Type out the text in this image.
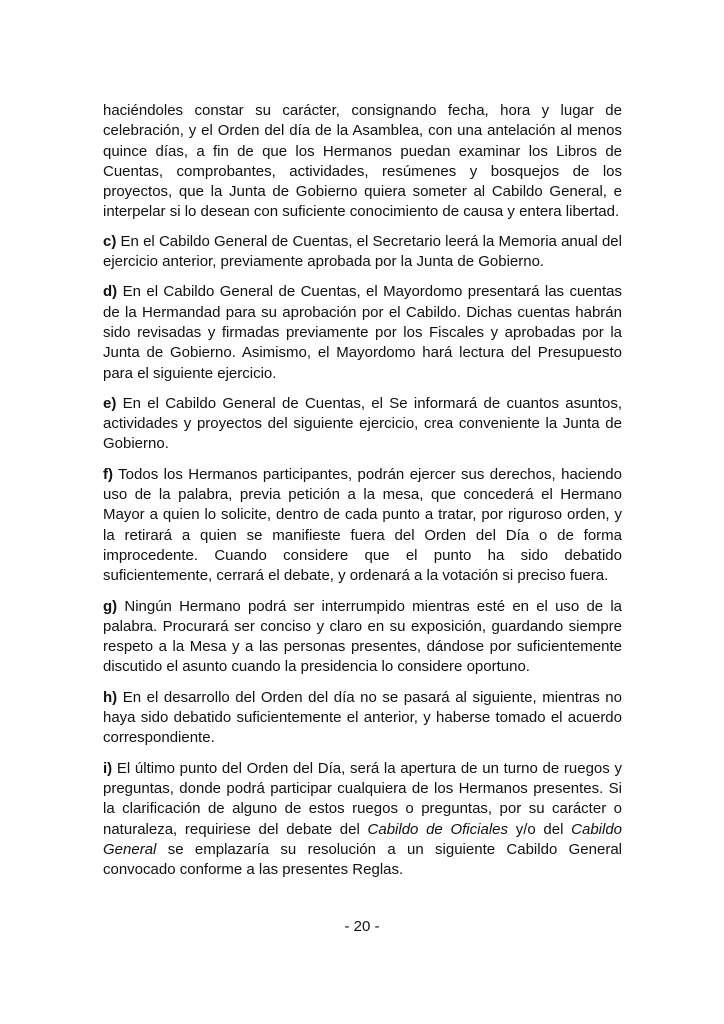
haciéndoles constar su carácter, consignando fecha, hora y lugar de celebración, y el Orden del día de la Asamblea, con una antelación al menos quince días, a fin de que los Hermanos puedan examinar los Libros de Cuentas, comprobantes, actividades, resúmenes y bosquejos de los proyectos, que la Junta de Gobierno quiera someter al Cabildo General, e interpelar si lo desean con suficiente conocimiento de causa y entera libertad.

c) En el Cabildo General de Cuentas, el Secretario leerá la Memoria anual del ejercicio anterior, previamente aprobada por la Junta de Gobierno.

d) En el Cabildo General de Cuentas, el Mayordomo presentará las cuentas de la Hermandad para su aprobación por el Cabildo. Dichas cuentas habrán sido revisadas y firmadas previamente por los Fiscales y aprobadas por la Junta de Gobierno. Asimismo, el Mayordomo hará lectura del Presupuesto para el siguiente ejercicio.

e) En el Cabildo General de Cuentas, el Se informará de cuantos asuntos, actividades y proyectos del siguiente ejercicio, crea conveniente la Junta de Gobierno.

f) Todos los Hermanos participantes, podrán ejercer sus derechos, haciendo uso de la palabra, previa petición a la mesa, que concederá el Hermano Mayor a quien lo solicite, dentro de cada punto a tratar, por riguroso orden, y la retirará a quien se manifieste fuera del Orden del Día o de forma improcedente. Cuando considere que el punto ha sido debatido suficientemente, cerrará el debate, y ordenará a la votación si preciso fuera.

g) Ningún Hermano podrá ser interrumpido mientras esté en el uso de la palabra. Procurará ser conciso y claro en su exposición, guardando siempre respeto a la Mesa y a las personas presentes, dándose por suficientemente discutido el asunto cuando la presidencia lo considere oportuno.

h) En el desarrollo del Orden del día no se pasará al siguiente, mientras no haya sido debatido suficientemente el anterior, y haberse tomado el acuerdo correspondiente.

i) El último punto del Orden del Día, será la apertura de un turno de ruegos y preguntas, donde podrá participar cualquiera de los Hermanos presentes. Si la clarificación de alguno de estos ruegos o preguntas, por su carácter o naturaleza, requiriese del debate del Cabildo de Oficiales y/o del Cabildo General se emplazaría su resolución a un siguiente Cabildo General convocado conforme a las presentes Reglas.

- 20 -
